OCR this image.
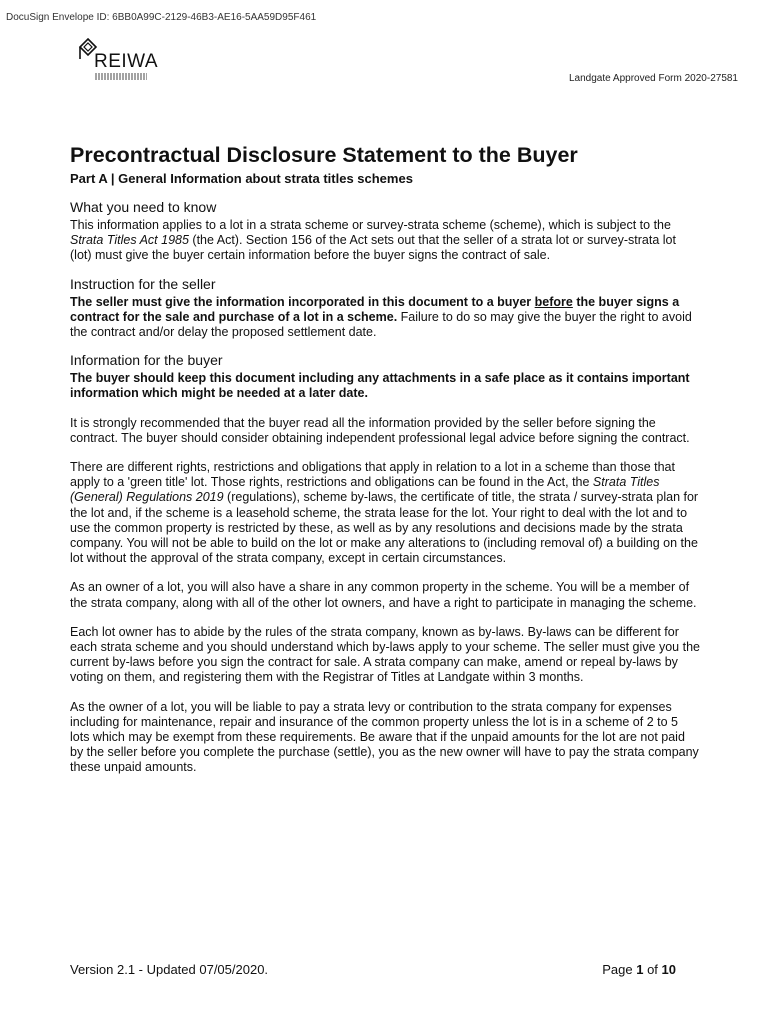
DocuSign Envelope ID: 6BB0A99C-2129-46B3-AE16-5AA59D95F461
REIWA
Landgate Approved Form 2020-27581
Precontractual Disclosure Statement to the Buyer
Part A | General Information about strata titles schemes
What you need to know

This information applies to a lot in a strata scheme or survey-strata scheme (scheme), which is subject to the Strata Titles Act 1985 (the Act). Section 156 of the Act sets out that the seller of a strata lot or survey-strata lot (lot) must give the buyer certain information before the buyer signs the contract of sale.

Instruction for the seller

The seller must give the information incorporated in this document to a buyer before the buyer signs a contract for the sale and purchase of a lot in a scheme. Failure to do so may give the buyer the right to avoid the contract and/or delay the proposed settlement date.

Information for the buyer

The buyer should keep this document including any attachments in a safe place as it contains important information which might be needed at a later date.

It is strongly recommended that the buyer read all the information provided by the seller before signing the contract. The buyer should consider obtaining independent professional legal advice before signing the contract.

There are different rights, restrictions and obligations that apply in relation to a lot in a scheme than those that apply to a 'green title' lot. Those rights, restrictions and obligations can be found in the Act, the Strata Titles (General) Regulations 2019 (regulations), scheme by-laws, the certificate of title, the strata / survey-strata plan for the lot and, if the scheme is a leasehold scheme, the strata lease for the lot. Your right to deal with the lot and to use the common property is restricted by these, as well as by any resolutions and decisions made by the strata company. You will not be able to build on the lot or make any alterations to (including removal of) a building on the lot without the approval of the strata company, except in certain circumstances.

As an owner of a lot, you will also have a share in any common property in the scheme. You will be a member of the strata company, along with all of the other lot owners, and have a right to participate in managing the scheme.

Each lot owner has to abide by the rules of the strata company, known as by-laws. By-laws can be different for each strata scheme and you should understand which by-laws apply to your scheme. The seller must give you the current by-laws before you sign the contract for sale. A strata company can make, amend or repeal by-laws by voting on them, and registering them with the Registrar of Titles at Landgate within 3 months.

As the owner of a lot, you will be liable to pay a strata levy or contribution to the strata company for expenses including for maintenance, repair and insurance of the common property unless the lot is in a scheme of 2 to 5 lots which may be exempt from these requirements. Be aware that if the unpaid amounts for the lot are not paid by the seller before you complete the purchase (settle), you as the new owner will have to pay the strata company these unpaid amounts.

Version 2.1 - Updated 07/05/2020.	Page 1 of 10
